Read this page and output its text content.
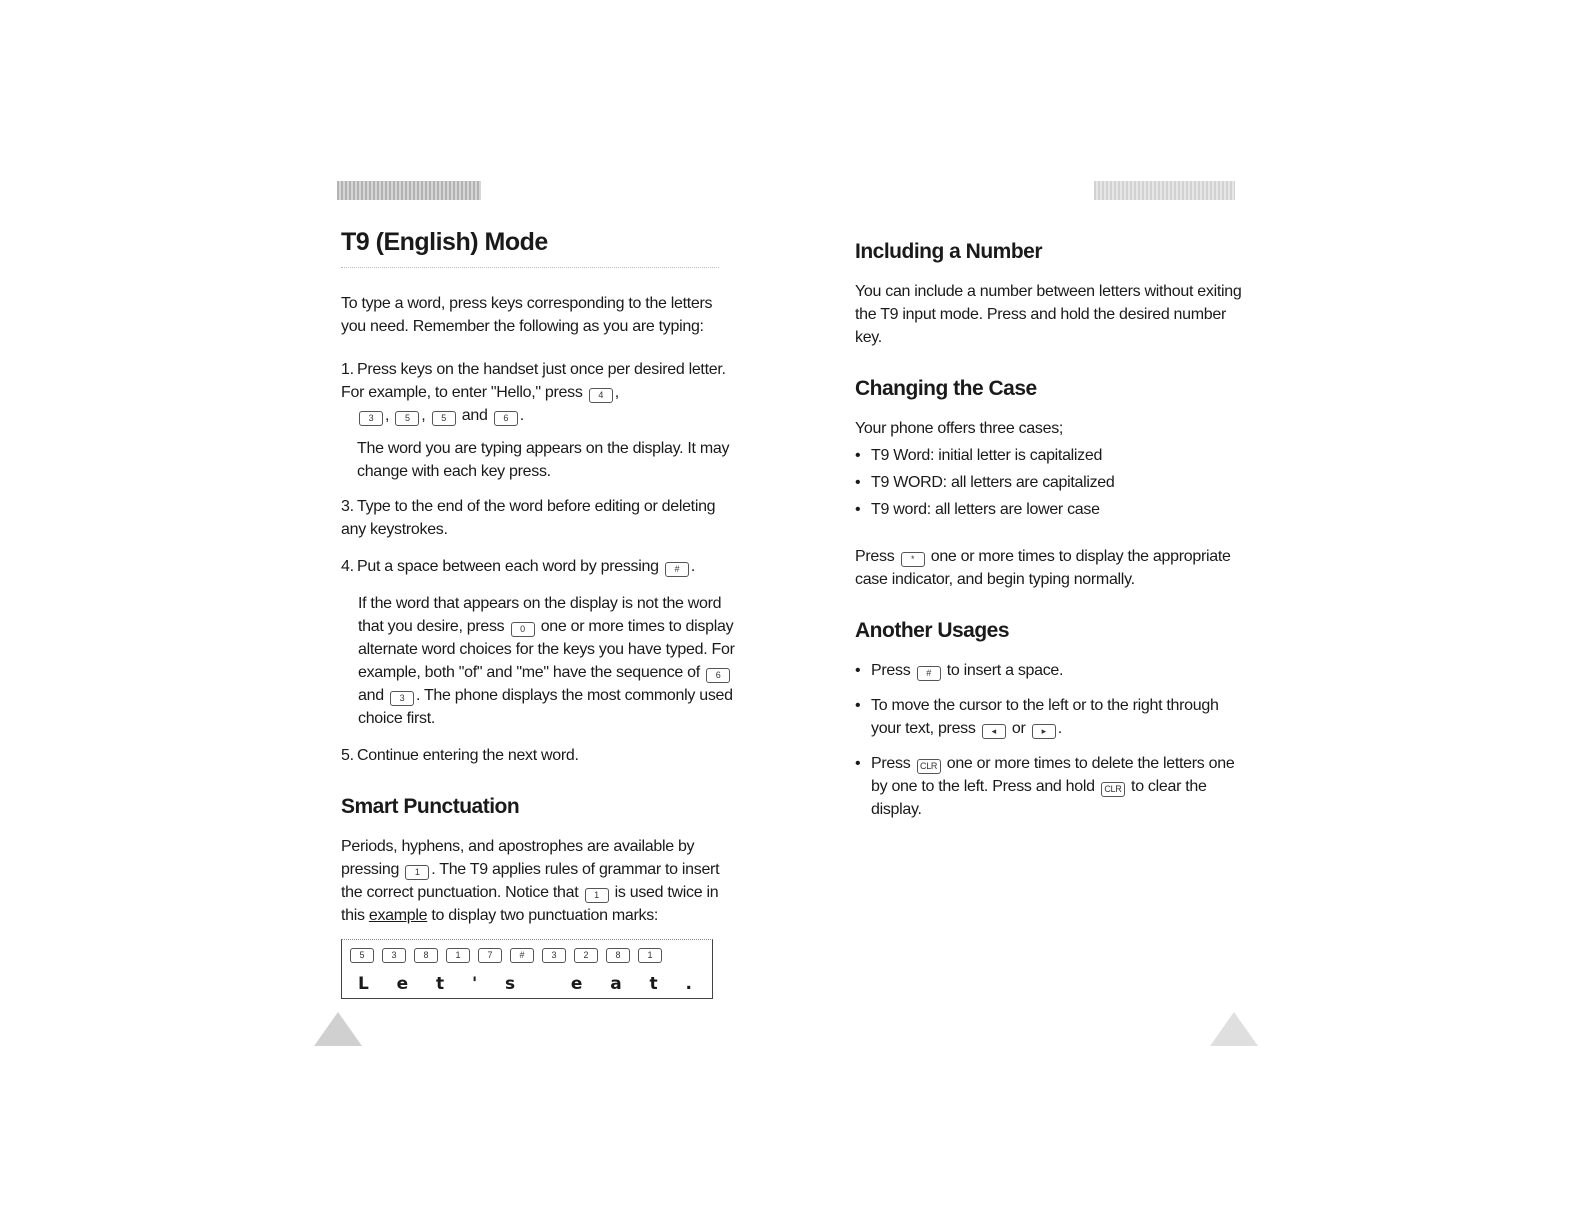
T9 (English) Mode

To type a word, press keys corresponding to the letters you need. Remember the following as you are typing:

1. Press keys on the handset just once per desired letter. For example, to enter "Hello," press 4 ,
3 , 5 , 5 and 6 .

The word you are typing appears on the display. It may change with each key press.

3. Type to the end of the word before editing or deleting any keystrokes.
4. Put a space between each word by pressing # .

If the word that appears on the display is not the word that you desire, press 0 one or more times to display alternate word choices for the keys you have typed. For example, both "of" and "me" have the sequence of 6 and 3 . The phone displays the most commonly used choice first.

5. Continue entering the next word.
Smart Punctuation

Periods, hyphens, and apostrophes are available by pressing 1 . The T9 applies rules of grammar to insert the correct punctuation. Notice that 1 is used twice in this example to display two punctuation marks:

5	3	8	1	7	#	3	2	8	1
L e t ' s	e a t .
Including a Number

You can include a number between letters without exiting the T9 input mode. Press and hold the desired number key.

Changing the Case

Your phone offers three cases;

• T9 Word: initial letter is capitalized
• T9 WORD: all letters are capitalized
• T9 word: all letters are lower case

Press * one or more times to display the appropriate case indicator, and begin typing normally.

Another Usages
• Press # to insert a space.
• To move the cursor to the left or to the right through your text, press ◂ or ▸ .
• Press CLR one or more times to delete the letters one by one to the left. Press and hold CLR to clear the display.
